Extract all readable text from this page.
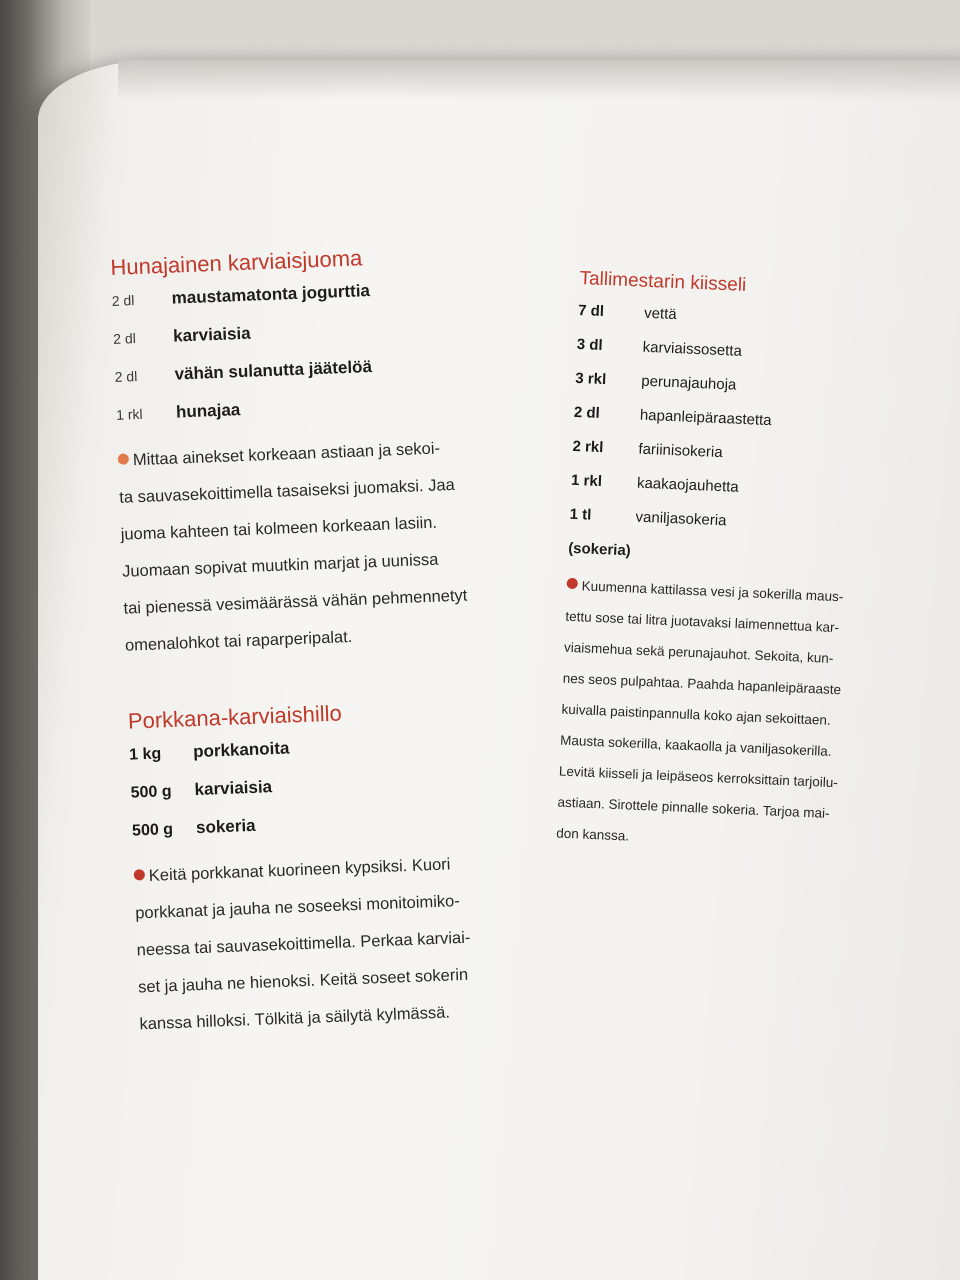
Hunajainen karviaisjuoma
2 dl	maustamatonta jogurttia
2 dl	karviaisia
2 dl	vähän sulanutta jäätelöä
1 rkl	hunajaa

Mittaa ainekset korkeaan astiaan ja sekoi-

ta sauvasekoittimella tasaiseksi juomaksi. Jaa

juoma kahteen tai kolmeen korkeaan lasiin.

Juomaan sopivat muutkin marjat ja uunissa

tai pienessä vesimäärässä vähän pehmennetyt

omenalohkot tai raparperipalat.

Porkkana-karviaishillo
1 kg	porkkanoita
500 g	karviaisia
500 g	sokeria

Keitä porkkanat kuorineen kypsiksi. Kuori

porkkanat ja jauha ne soseeksi monitoimiko-

neessa tai sauvasekoittimella. Perkaa karviai-

set ja jauha ne hienoksi. Keitä soseet sokerin

kanssa hilloksi. Tölkitä ja säilytä kylmässä.

Tallimestarin kiisseli
7 dl	vettä
3 dl	karviaissosetta
3 rkl	perunajauhoja
2 dl	hapanleipäraastetta
2 rkl	fariinisokeria
1 rkl	kaakaojauhetta
1 tl	vaniljasokeria
(sokeria)

Kuumenna kattilassa vesi ja sokerilla maus-

tettu sose tai litra juotavaksi laimennettua kar-

viaismehua sekä perunajauhot. Sekoita, kun-

nes seos pulpahtaa. Paahda hapanleipäraaste

kuivalla paistinpannulla koko ajan sekoittaen.

Mausta sokerilla, kaakaolla ja vaniljasokerilla.

Levitä kiisseli ja leipäseos kerroksittain tarjoilu-

astiaan. Sirottele pinnalle sokeria. Tarjoa mai-

don kanssa.
